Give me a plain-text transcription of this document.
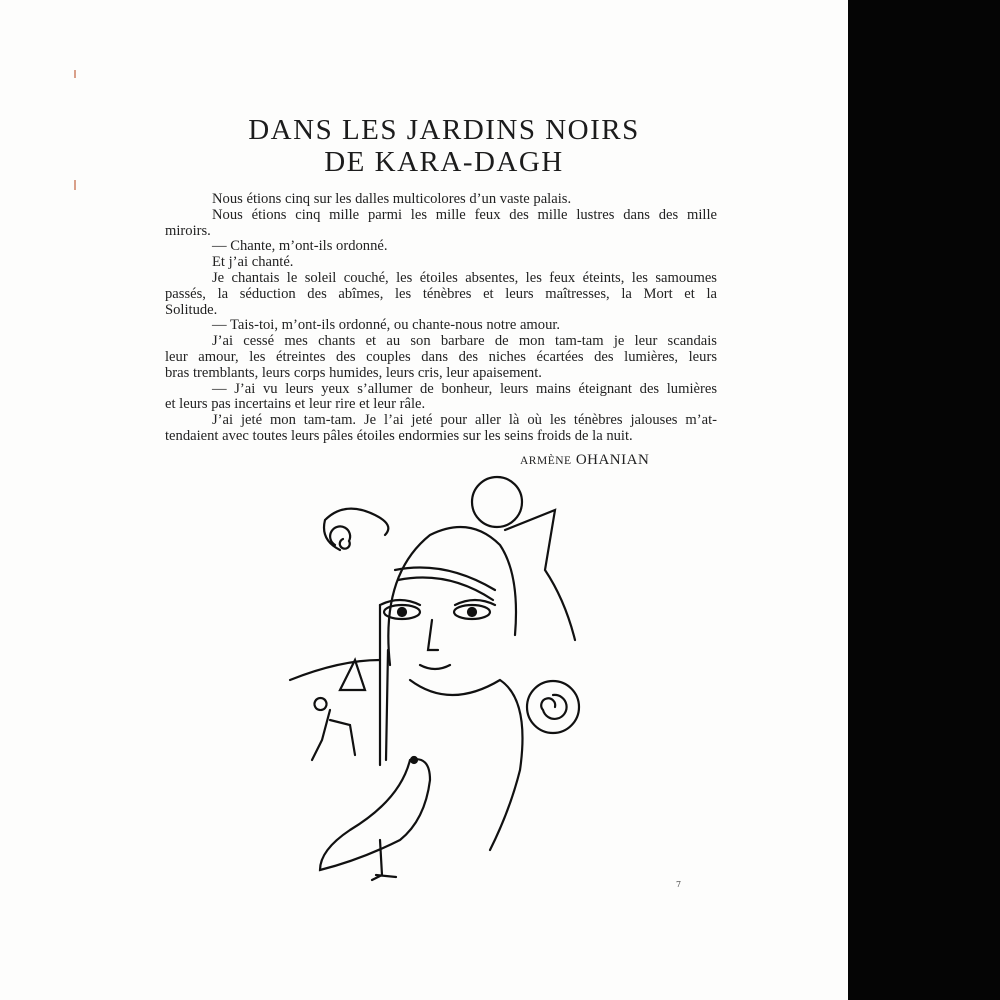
DANS LES JARDINS NOIRS
DE KARA-DAGH
Nous étions cinq sur les dalles multicolores d’un vaste palais.
Nous étions cinq mille parmi les mille feux des mille lustres dans des mille
miroirs.
— Chante, m’ont-ils ordonné.
Et j’ai chanté.
Je chantais le soleil couché, les étoiles absentes, les feux éteints, les samoumes
passés, la séduction des abîmes, les ténèbres et leurs maîtresses, la Mort et la
Solitude.
— Tais-toi, m’ont-ils ordonné, ou chante-nous notre amour.
J’ai cessé mes chants et au son barbare de mon tam-tam je leur scandais
leur amour, les étreintes des couples dans des niches écartées des lumières, leurs
bras tremblants, leurs corps humides, leurs cris, leur apaisement.
— J’ai vu leurs yeux s’allumer de bonheur, leurs mains éteignant des lumières
et leurs pas incertains et leur rire et leur râle.
J’ai jeté mon tam-tam. Je l’ai jeté pour aller là où les ténèbres jalouses m’at-
tendaient avec toutes leurs pâles étoiles endormies sur les seins froids de la nuit.
ARMÈNE OHANIAN
7
